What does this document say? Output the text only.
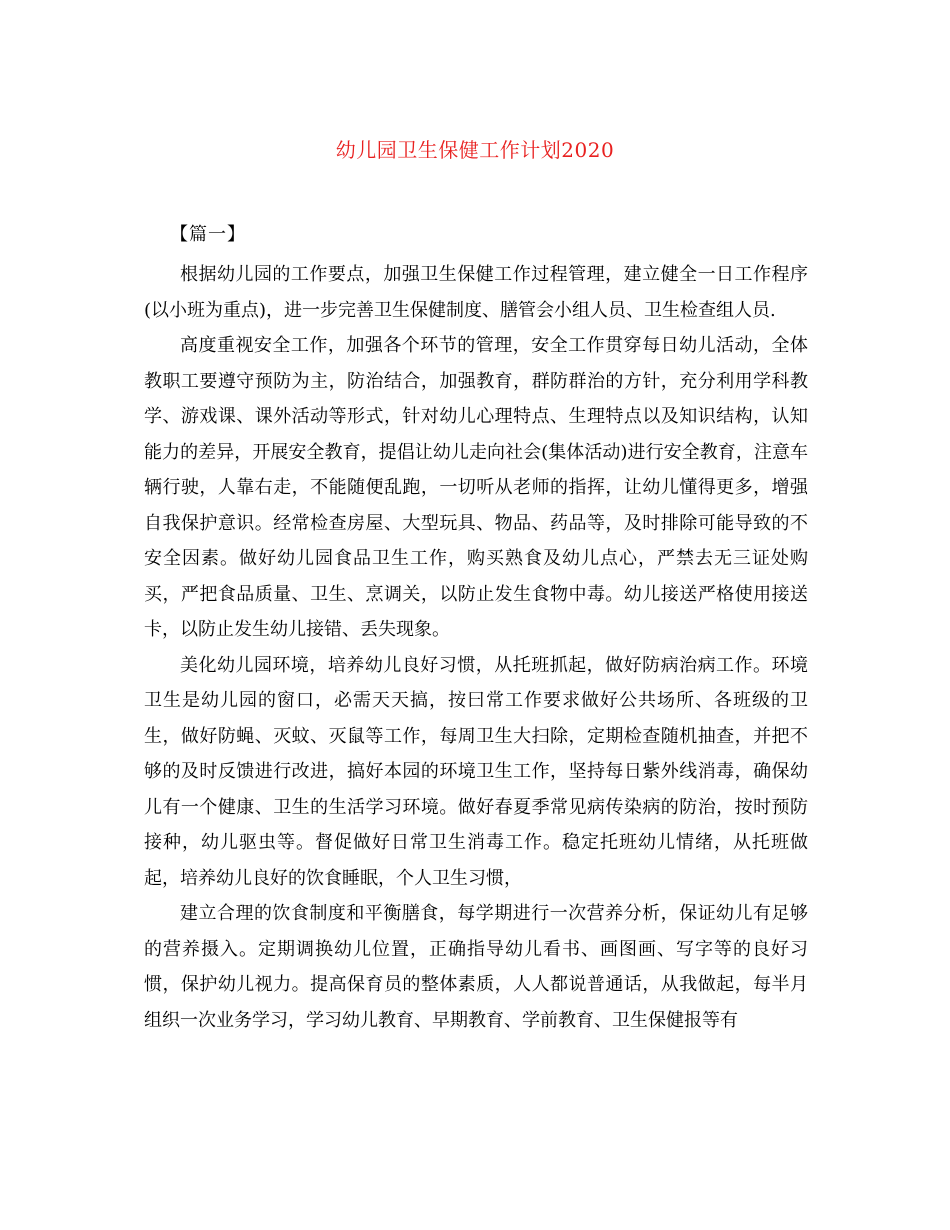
幼儿园卫生保健工作计划2020
【篇一】

根据幼儿园的工作要点，加强卫生保健工作过程管理，建立健全一日工作程序(以小班为重点)，进一步完善卫生保健制度、膳管会小组人员、卫生检查组人员.

高度重视安全工作，加强各个环节的管理，安全工作贯穿每日幼儿活动，全体教职工要遵守预防为主，防治结合，加强教育，群防群治的方针，充分利用学科教学、游戏课、课外活动等形式，针对幼儿心理特点、生理特点以及知识结构，认知能力的差异，开展安全教育，提倡让幼儿走向社会(集体活动)进行安全教育，注意车辆行驶，人靠右走，不能随便乱跑，一切听从老师的指挥，让幼儿懂得更多，增强自我保护意识。经常检查房屋、大型玩具、物品、药品等，及时排除可能导致的不安全因素。做好幼儿园食品卫生工作，购买熟食及幼儿点心，严禁去无三证处购买，严把食品质量、卫生、烹调关，以防止发生食物中毒。幼儿接送严格使用接送卡，以防止发生幼儿接错、丢失现象。

美化幼儿园环境，培养幼儿良好习惯，从托班抓起，做好防病治病工作。环境卫生是幼儿园的窗口，必需天天搞，按曰常工作要求做好公共场所、各班级的卫生，做好防蝇、灭蚊、灭鼠等工作，每周卫生大扫除，定期检查随机抽查，并把不够的及时反馈进行改进，搞好本园的环境卫生工作，坚持每日紫外线消毒，确保幼儿有一个健康、卫生的生活学习环境。做好春夏季常见病传染病的防治，按时预防接种，幼儿驱虫等。督促做好日常卫生消毒工作。稳定托班幼儿情绪，从托班做起，培养幼儿良好的饮食睡眠，个人卫生习惯，

建立合理的饮食制度和平衡膳食，每学期进行一次营养分析，保证幼儿有足够的营养摄入。定期调换幼儿位置，正确指导幼儿看书、画图画、写字等的良好习惯，保护幼儿视力。提高保育员的整体素质，人人都说普通话，从我做起，每半月组织一次业务学习，学习幼儿教育、早期教育、学前教育、卫生保健报等有
